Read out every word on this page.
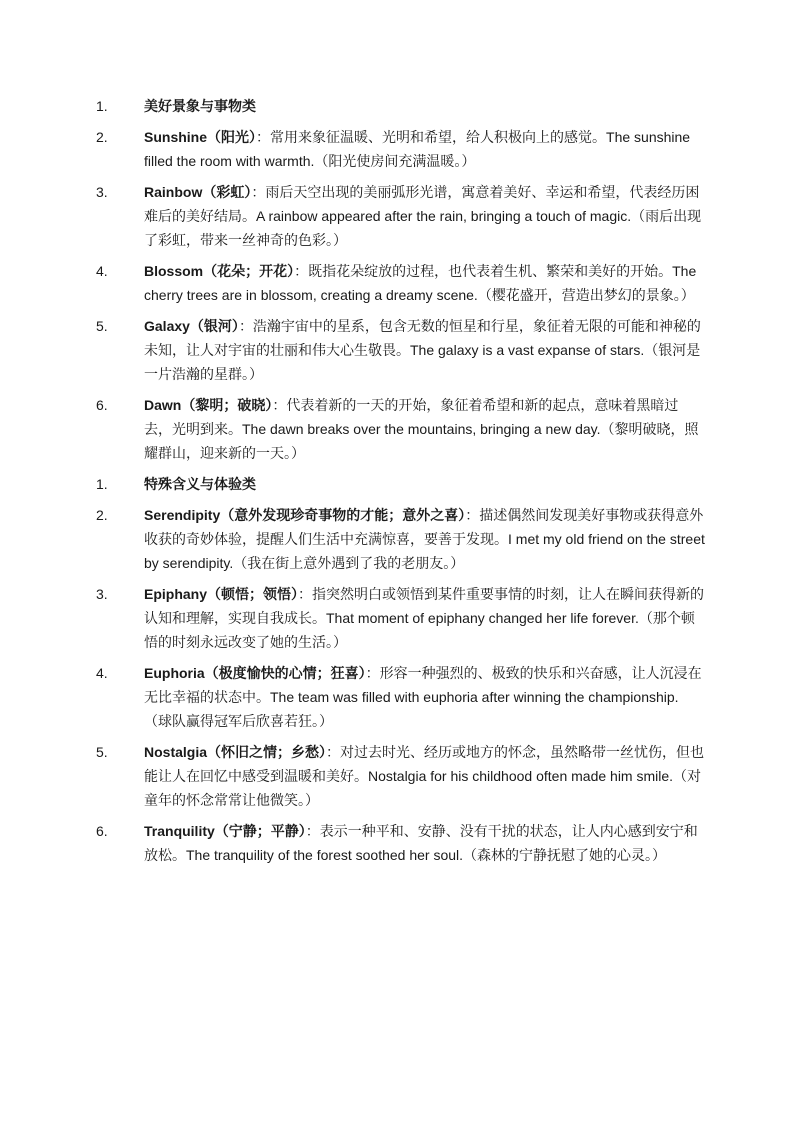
1.	美好景象与事物类
2.	Sunshine（阳光）：常用来象征温暖、光明和希望，给人积极向上的感觉。The sunshine filled the room with warmth.（阳光使房间充满温暖。）
3.	Rainbow（彩虹）：雨后天空出现的美丽弧形光谱，寓意着美好、幸运和希望，代表经历困难后的美好结局。A rainbow appeared after the rain, bringing a touch of magic.（雨后出现了彩虹，带来一丝神奇的色彩。）
4.	Blossom（花朵；开花）：既指花朵绽放的过程，也代表着生机、繁荣和美好的开始。The cherry trees are in blossom, creating a dreamy scene.（樱花盛开，营造出梦幻的景象。）
5.	Galaxy（银河）：浩瀚宇宙中的星系，包含无数的恒星和行星，象征着无限的可能和神秘的未知，让人对宇宙的壮丽和伟大心生敬畏。The galaxy is a vast expanse of stars.（银河是一片浩瀚的星群。）
6.	Dawn（黎明；破晓）：代表着新的一天的开始，象征着希望和新的起点，意味着黑暗过去，光明到来。The dawn breaks over the mountains, bringing a new day.（黎明破晓，照耀群山，迎来新的一天。）
1.	特殊含义与体验类
2.	Serendipity（意外发现珍奇事物的才能；意外之喜）：描述偶然间发现美好事物或获得意外收获的奇妙体验，提醒人们生活中充满惊喜，要善于发现。I met my old friend on the street by serendipity.（我在街上意外遇到了我的老朋友。）
3.	Epiphany（顿悟；领悟）：指突然明白或领悟到某件重要事情的时刻，让人在瞬间获得新的认知和理解，实现自我成长。That moment of epiphany changed her life forever.（那个顿悟的时刻永远改变了她的生活。）
4.	Euphoria（极度愉快的心情；狂喜）：形容一种强烈的、极致的快乐和兴奋感，让人沉浸在无比幸福的状态中。The team was filled with euphoria after winning the championship.（球队赢得冠军后欣喜若狂。）
5.	Nostalgia（怀旧之情；乡愁）：对过去时光、经历或地方的怀念，虽然略带一丝忧伤，但也能让人在回忆中感受到温暖和美好。Nostalgia for his childhood often made him smile.（对童年的怀念常常让他微笑。）
6.	Tranquility（宁静；平静）：表示一种平和、安静、没有干扰的状态，让人内心感到安宁和放松。The tranquility of the forest soothed her soul.（森林的宁静抚慰了她的心灵。）
